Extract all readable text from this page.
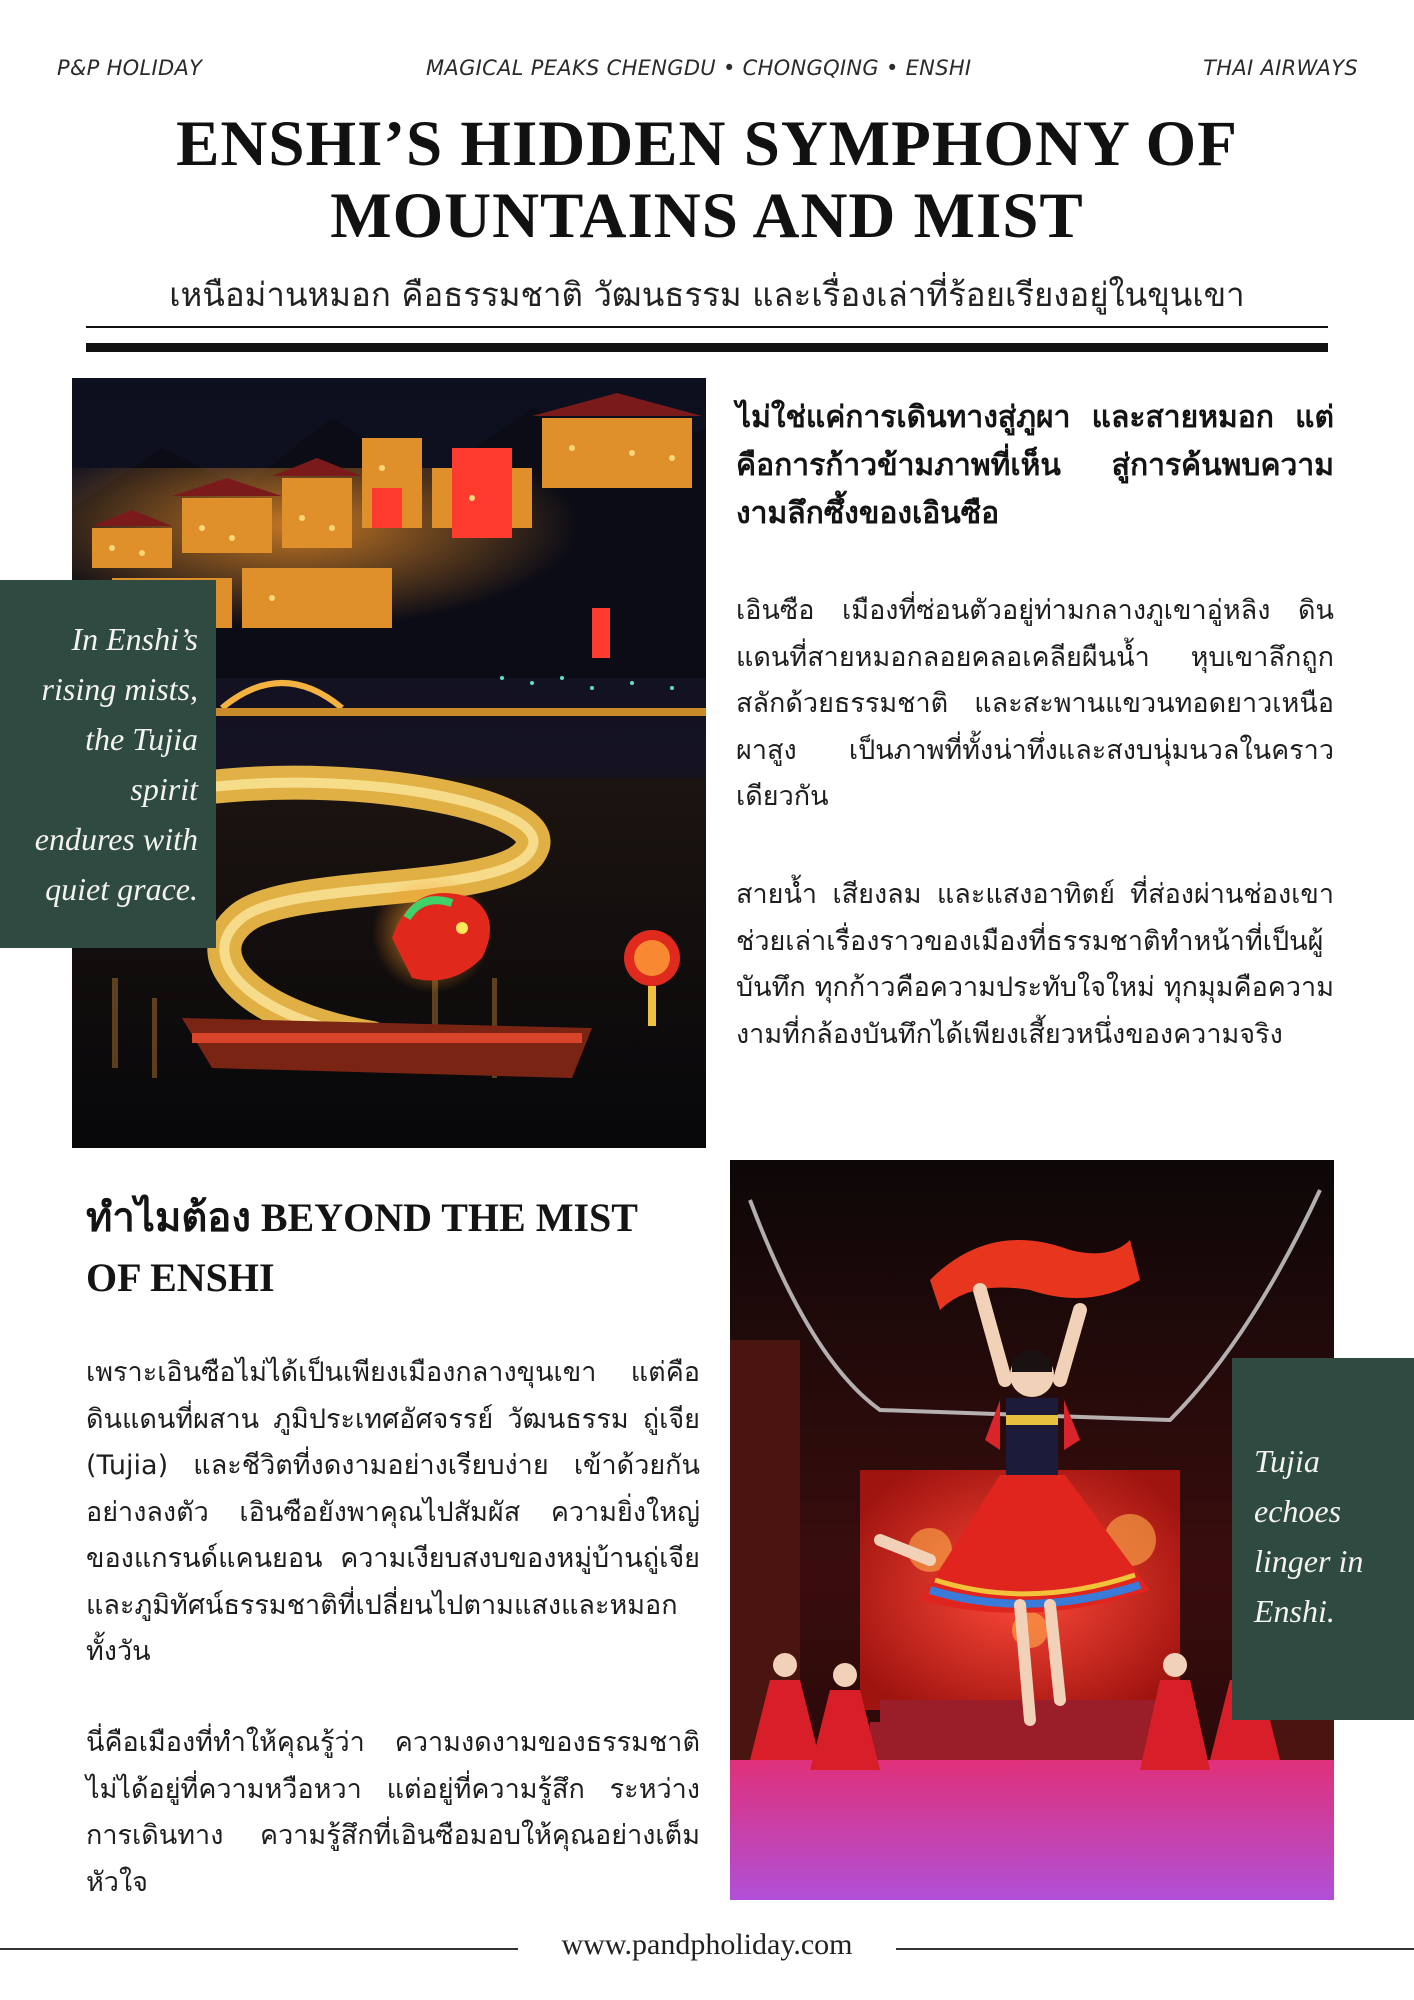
P&P HOLIDAY	MAGICAL PEAKS CHENGDU • CHONGQING • ENSHI	THAI AIRWAYS
ENSHI’S HIDDEN SYMPHONY OF
MOUNTAINS AND MIST
เหนือม่านหมอก คือธรรมชาติ วัฒนธรรม และเรื่องเล่าที่ร้อยเรียงอยู่ในขุนเขา
In Enshi’s
rising mists,
the Tujia
spirit
endures with
quiet grace.
ไม่ใช่แค่การเดินทางสู่ภูผา และสายหมอก แต่คือการก้าวข้ามภาพที่เห็น สู่การค้นพบความงามลึกซึ้งของเอินซือ
เอินซือ เมืองที่ซ่อนตัวอยู่ท่ามกลางภูเขาอู่หลิง ดินแดนที่สายหมอกลอยคลอเคลียผืนน้ำ หุบเขาลึกถูกสลักด้วยธรรมชาติ และสะพานแขวนทอดยาวเหนือผาสูง เป็นภาพที่ทั้งน่าทึ่งและสงบนุ่มนวลในคราวเดียวกัน
สายน้ำ เสียงลม และแสงอาทิตย์ ที่ส่องผ่านช่องเขา ช่วยเล่าเรื่องราวของเมืองที่ธรรมชาติทำหน้าที่เป็นผู้บันทึก ทุกก้าวคือความประทับใจใหม่ ทุกมุมคือความงามที่กล้องบันทึกได้เพียงเสี้ยวหนึ่งของความจริง
ทำไมต้อง BEYOND THE MIST
OF ENSHI
เพราะเอินซือไม่ได้เป็นเพียงเมืองกลางขุนเขา แต่คือดินแดนที่ผสาน ภูมิประเทศอัศจรรย์ วัฒนธรรม ถู่เจีย (Tujia) และชีวิตที่งดงามอย่างเรียบง่าย เข้าด้วยกันอย่างลงตัว เอินซือยังพาคุณไปสัมผัส ความยิ่งใหญ่ของแกรนด์แคนยอน ความเงียบสงบของหมู่บ้านถู่เจีย และภูมิทัศน์ธรรมชาติที่เปลี่ยนไปตามแสงและหมอกทั้งวัน
นี่คือเมืองที่ทำให้คุณรู้ว่า ความงดงามของธรรมชาติไม่ได้อยู่ที่ความหวือหวา แต่อยู่ที่ความรู้สึก ระหว่างการเดินทาง ความรู้สึกที่เอินซือมอบให้คุณอย่างเต็มหัวใจ
Tujia
echoes
linger in
Enshi.
www.pandpholiday.com
